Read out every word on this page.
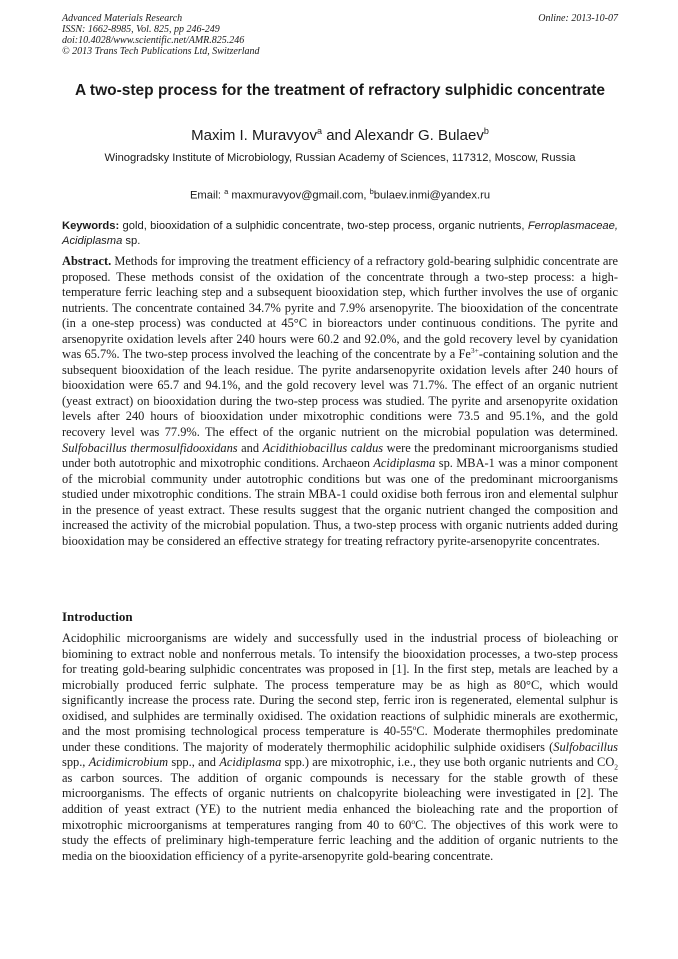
Advanced Materials Research
ISSN: 1662-8985, Vol. 825, pp 246-249
doi:10.4028/www.scientific.net/AMR.825.246
© 2013 Trans Tech Publications Ltd, Switzerland
Online: 2013-10-07
A two-step process for the treatment of refractory sulphidic concentrate
Maxim I. Muravyov$^a$ and Alexandr G. Bulaev$^b$
Winogradsky Institute of Microbiology, Russian Academy of Sciences, 117312, Moscow, Russia
Email: $^a$ maxmuravyov@gmail.com, $^b$bulaev.inmi@yandex.ru
Keywords: gold, biooxidation of a sulphidic concentrate, two-step process, organic nutrients, Ferroplasmaceae, Acidiplasma sp.
Abstract. Methods for improving the treatment efficiency of a refractory gold-bearing sulphidic concentrate are proposed. These methods consist of the oxidation of the concentrate through a two-step process: a high-temperature ferric leaching step and a subsequent biooxidation step, which further involves the use of organic nutrients. The concentrate contained 34.7% pyrite and 7.9% arsenopyrite. The biooxidation of the concentrate (in a one-step process) was conducted at 45°C in bioreactors under continuous conditions. The pyrite and arsenopyrite oxidation levels after 240 hours were 60.2 and 92.0%, and the gold recovery level by cyanidation was 65.7%. The two-step process involved the leaching of the concentrate by a $Fe^{3+}$-containing solution and the subsequent biooxidation of the leach residue. The pyrite andarsenopyrite oxidation levels after 240 hours of biooxidation were 65.7 and 94.1%, and the gold recovery level was 71.7%. The effect of an organic nutrient (yeast extract) on biooxidation during the two-step process was studied. The pyrite and arsenopyrite oxidation levels after 240 hours of biooxidation under mixotrophic conditions were 73.5 and 95.1%, and the gold recovery level was 77.9%. The effect of the organic nutrient on the microbial population was determined. Sulfobacillus thermosulfidooxidans and Acidithiobacillus caldus were the predominant microorganisms studied under both autotrophic and mixotrophic conditions. Archaeon Acidiplasma sp. MBA-1 was a minor component of the microbial community under autotrophic conditions but was one of the predominant microorganisms studied under mixotrophic conditions. The strain MBA-1 could oxidise both ferrous iron and elemental sulphur in the presence of yeast extract. These results suggest that the organic nutrient changed the composition and increased the activity of the microbial population. Thus, a two-step process with organic nutrients added during biooxidation may be considered an effective strategy for treating refractory pyrite-arsenopyrite concentrates.
Introduction
Acidophilic microorganisms are widely and successfully used in the industrial process of bioleaching or biomining to extract noble and nonferrous metals. To intensify the biooxidation processes, a two-step process for treating gold-bearing sulphidic concentrates was proposed in [1]. In the first step, metals are leached by a microbially produced ferric sulphate. The process temperature may be as high as 80°C, which would significantly increase the process rate. During the second step, ferric iron is regenerated, elemental sulphur is oxidised, and sulphides are terminally oxidised. The oxidation reactions of sulphidic minerals are exothermic, and the most promising technological process temperature is 40-55$^o$C. Moderate thermophiles predominate under these conditions. The majority of moderately thermophilic acidophilic sulphide oxidisers (Sulfobacillus spp., Acidimicrobium spp., and Acidiplasma spp.) are mixotrophic, i.e., they use both organic nutrients and $CO_2$ as carbon sources. The addition of organic compounds is necessary for the stable growth of these microorganisms. The effects of organic nutrients on chalcopyrite bioleaching were investigated in [2]. The addition of yeast extract (YE) to the nutrient media enhanced the bioleaching rate and the proportion of mixotrophic microorganisms at temperatures ranging from 40 to 60$^o$C. The objectives of this work were to study the effects of preliminary high-temperature ferric leaching and the addition of organic nutrients to the media on the biooxidation efficiency of a pyrite-arsenopyrite gold-bearing concentrate.
